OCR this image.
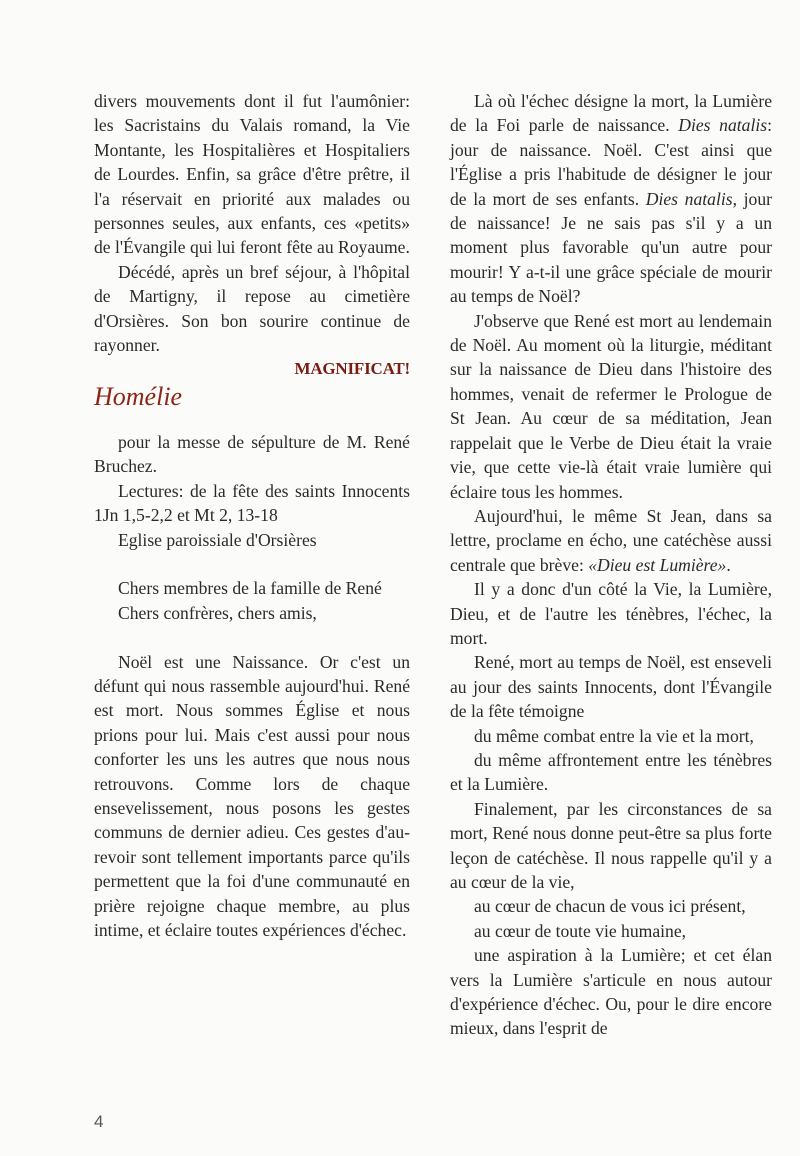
divers mouvements dont il fut l'aumônier: les Sacristains du Valais romand, la Vie Montante, les Hospitalières et Hospitaliers de Lourdes. Enfin, sa grâce d'être prêtre, il l'a réservait en priorité aux malades ou personnes seules, aux enfants, ces «petits» de l'Évangile qui lui feront fête au Royaume.

Décédé, après un bref séjour, à l'hôpital de Martigny, il repose au cimetière d'Orsières. Son bon sourire continue de rayonner.

MAGNIFICAT!

Homélie

pour la messe de sépulture de M. René Bruchez.

Lectures: de la fête des saints Innocents 1Jn 1,5-2,2 et Mt 2, 13-18

Eglise paroissiale d'Orsières

Chers membres de la famille de René

Chers confrères, chers amis,

Noël est une Naissance. Or c'est un défunt qui nous rassemble aujourd'hui. René est mort. Nous sommes Église et nous prions pour lui. Mais c'est aussi pour nous conforter les uns les autres que nous nous retrouvons. Comme lors de chaque ensevelissement, nous posons les gestes communs de dernier adieu. Ces gestes d'au-revoir sont tellement importants parce qu'ils permettent que la foi d'une communauté en prière rejoigne chaque membre, au plus intime, et éclaire toutes expériences d'échec.

Là où l'échec désigne la mort, la Lumière de la Foi parle de naissance. Dies natalis: jour de naissance. Noël. C'est ainsi que l'Église a pris l'habitude de désigner le jour de la mort de ses enfants. Dies natalis, jour de naissance! Je ne sais pas s'il y a un moment plus favorable qu'un autre pour mourir! Y a-t-il une grâce spéciale de mourir au temps de Noël?

J'observe que René est mort au lendemain de Noël. Au moment où la liturgie, méditant sur la naissance de Dieu dans l'histoire des hommes, venait de refermer le Prologue de St Jean. Au cœur de sa méditation, Jean rappelait que le Verbe de Dieu était la vraie vie, que cette vie-là était vraie lumière qui éclaire tous les hommes.

Aujourd'hui, le même St Jean, dans sa lettre, proclame en écho, une catéchèse aussi centrale que brève: «Dieu est Lumière».

Il y a donc d'un côté la Vie, la Lumière, Dieu, et de l'autre les ténèbres, l'échec, la mort.

René, mort au temps de Noël, est enseveli au jour des saints Innocents, dont l'Évangile de la fête témoigne

du même combat entre la vie et la mort,

du même affrontement entre les ténèbres et la Lumière.

Finalement, par les circonstances de sa mort, René nous donne peut-être sa plus forte leçon de catéchèse. Il nous rappelle qu'il y a au cœur de la vie,

au cœur de chacun de vous ici présent,

au cœur de toute vie humaine,

une aspiration à la Lumière; et cet élan vers la Lumière s'articule en nous autour d'expérience d'échec. Ou, pour le dire encore mieux, dans l'esprit de

4
